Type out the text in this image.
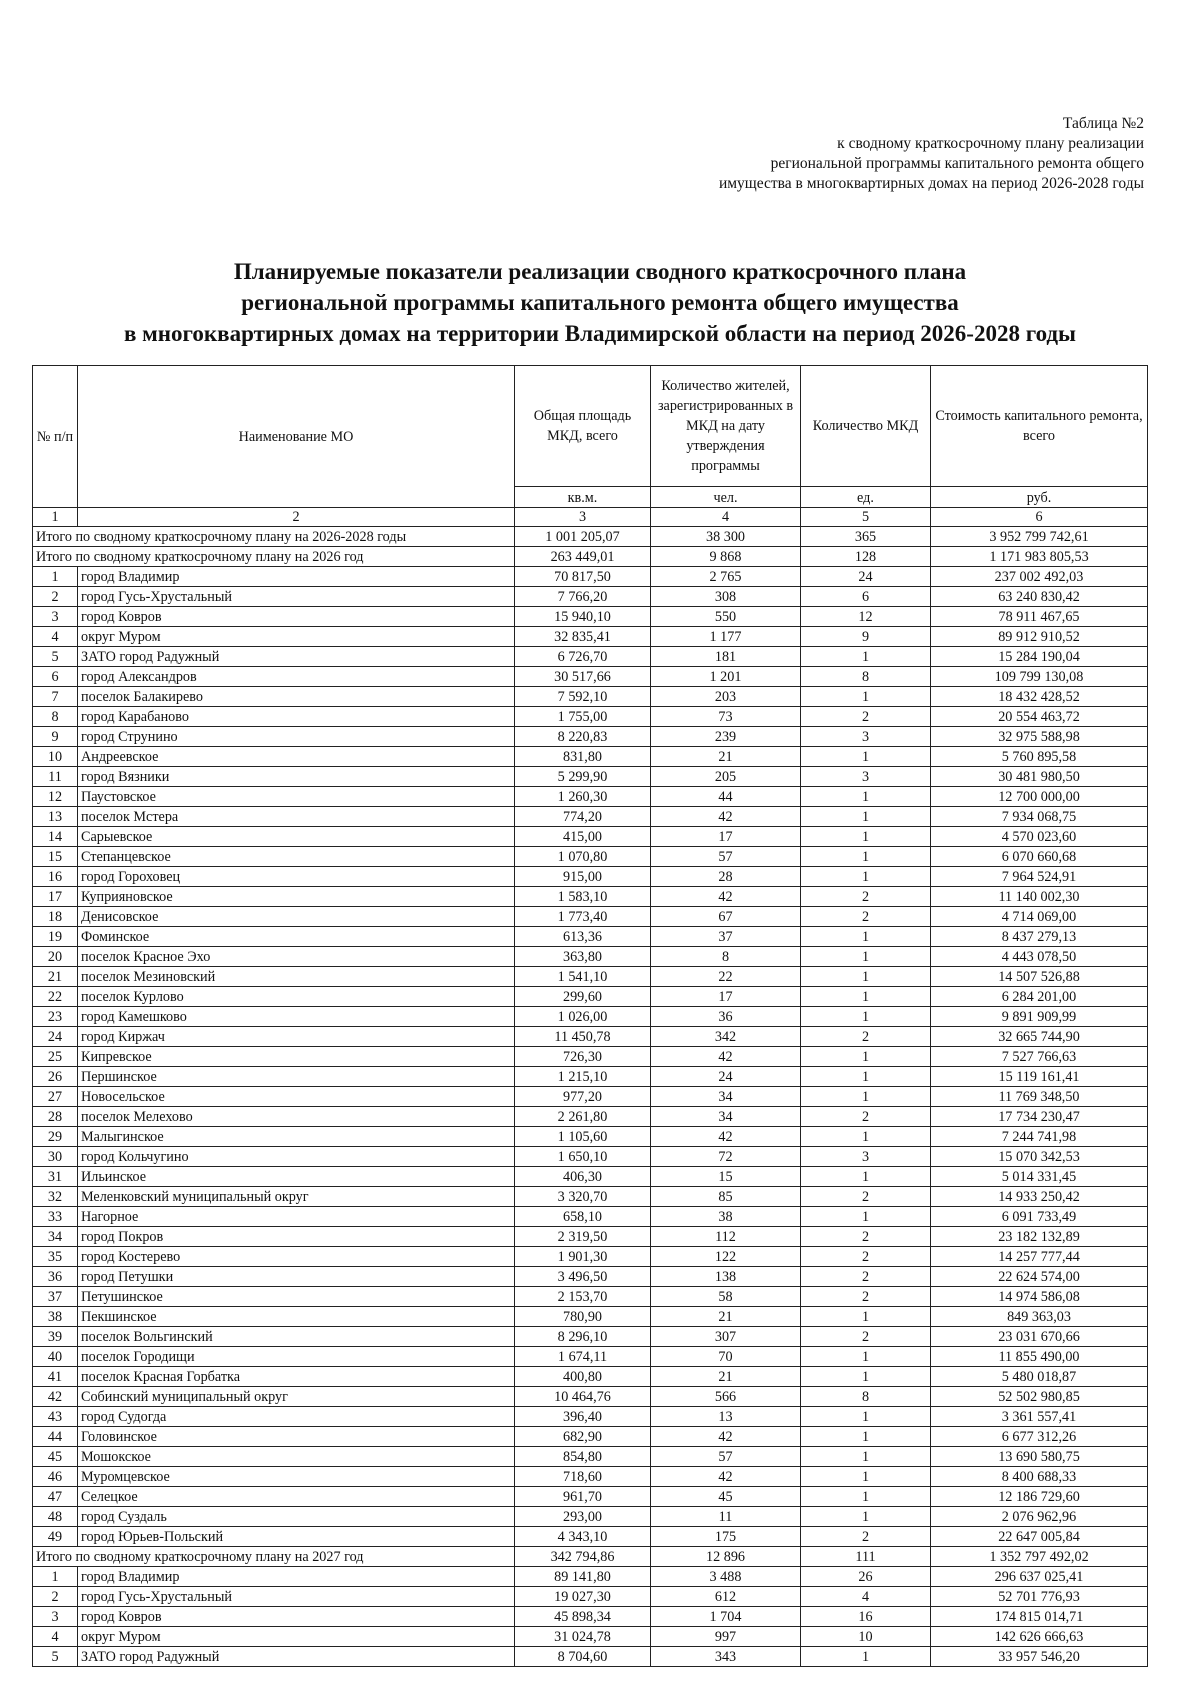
Таблица №2
к сводному краткосрочному плану реализации
региональной программы капитального ремонта общего
имущества в многоквартирных домах на период 2026-2028 годы
Планируемые показатели реализации сводного краткосрочного плана
региональной программы капитального ремонта общего имущества
в многоквартирных домах на территории Владимирской области на период 2026-2028 годы
№ п/п	Наименование МО	Общая площадь МКД, всего	Количество жителей, зарегистрированных в МКД на дату утверждения программы	Количество МКД	Стоимость капитального ремонта, всего
		кв.м.	чел.	ед.	руб.
1	2	3	4	5	6
Итого по сводному краткосрочному плану на 2026-2028 годы		1 001 205,07	38 300	365	3 952 799 742,61
Итого по сводному краткосрочному плану на 2026 год		263 449,01	9 868	128	1 171 983 805,53
1	город Владимир	70 817,50	2 765	24	237 002 492,03
2	город Гусь-Хрустальный	7 766,20	308	6	63 240 830,42
3	город Ковров	15 940,10	550	12	78 911 467,65
4	округ Муром	32 835,41	1 177	9	89 912 910,52
5	ЗАТО город Радужный	6 726,70	181	1	15 284 190,04
6	город Александров	30 517,66	1 201	8	109 799 130,08
7	поселок Балакирево	7 592,10	203	1	18 432 428,52
8	город Карабаново	1 755,00	73	2	20 554 463,72
9	город Струнино	8 220,83	239	3	32 975 588,98
10	Андреевское	831,80	21	1	5 760 895,58
11	город Вязники	5 299,90	205	3	30 481 980,50
12	Паустовское	1 260,30	44	1	12 700 000,00
13	поселок Мстера	774,20	42	1	7 934 068,75
14	Сарыевское	415,00	17	1	4 570 023,60
15	Степанцевское	1 070,80	57	1	6 070 660,68
16	город Гороховец	915,00	28	1	7 964 524,91
17	Куприяновское	1 583,10	42	2	11 140 002,30
18	Денисовское	1 773,40	67	2	4 714 069,00
19	Фоминское	613,36	37	1	8 437 279,13
20	поселок Красное Эхо	363,80	8	1	4 443 078,50
21	поселок Мезиновский	1 541,10	22	1	14 507 526,88
22	поселок Курлово	299,60	17	1	6 284 201,00
23	город Камешково	1 026,00	36	1	9 891 909,99
24	город Киржач	11 450,78	342	2	32 665 744,90
25	Кипревское	726,30	42	1	7 527 766,63
26	Першинское	1 215,10	24	1	15 119 161,41
27	Новосельское	977,20	34	1	11 769 348,50
28	поселок Мелехово	2 261,80	34	2	17 734 230,47
29	Малыгинское	1 105,60	42	1	7 244 741,98
30	город Кольчугино	1 650,10	72	3	15 070 342,53
31	Ильинское	406,30	15	1	5 014 331,45
32	Меленковский муниципальный округ	3 320,70	85	2	14 933 250,42
33	Нагорное	658,10	38	1	6 091 733,49
34	город Покров	2 319,50	112	2	23 182 132,89
35	город Костерево	1 901,30	122	2	14 257 777,44
36	город Петушки	3 496,50	138	2	22 624 574,00
37	Петушинское	2 153,70	58	2	14 974 586,08
38	Пекшинское	780,90	21	1	849 363,03
39	поселок Вольгинский	8 296,10	307	2	23 031 670,66
40	поселок Городищи	1 674,11	70	1	11 855 490,00
41	поселок Красная Горбатка	400,80	21	1	5 480 018,87
42	Собинский муниципальный округ	10 464,76	566	8	52 502 980,85
43	город Судогда	396,40	13	1	3 361 557,41
44	Головинское	682,90	42	1	6 677 312,26
45	Мошокское	854,80	57	1	13 690 580,75
46	Муромцевское	718,60	42	1	8 400 688,33
47	Селецкое	961,70	45	1	12 186 729,60
48	город Суздаль	293,00	11	1	2 076 962,96
49	город Юрьев-Польский	4 343,10	175	2	22 647 005,84
Итого по сводному краткосрочному плану на 2027 год		342 794,86	12 896	111	1 352 797 492,02
1	город Владимир	89 141,80	3 488	26	296 637 025,41
2	город Гусь-Хрустальный	19 027,30	612	4	52 701 776,93
3	город Ковров	45 898,34	1 704	16	174 815 014,71
4	округ Муром	31 024,78	997	10	142 626 666,63
5	ЗАТО город Радужный	8 704,60	343	1	33 957 546,20
